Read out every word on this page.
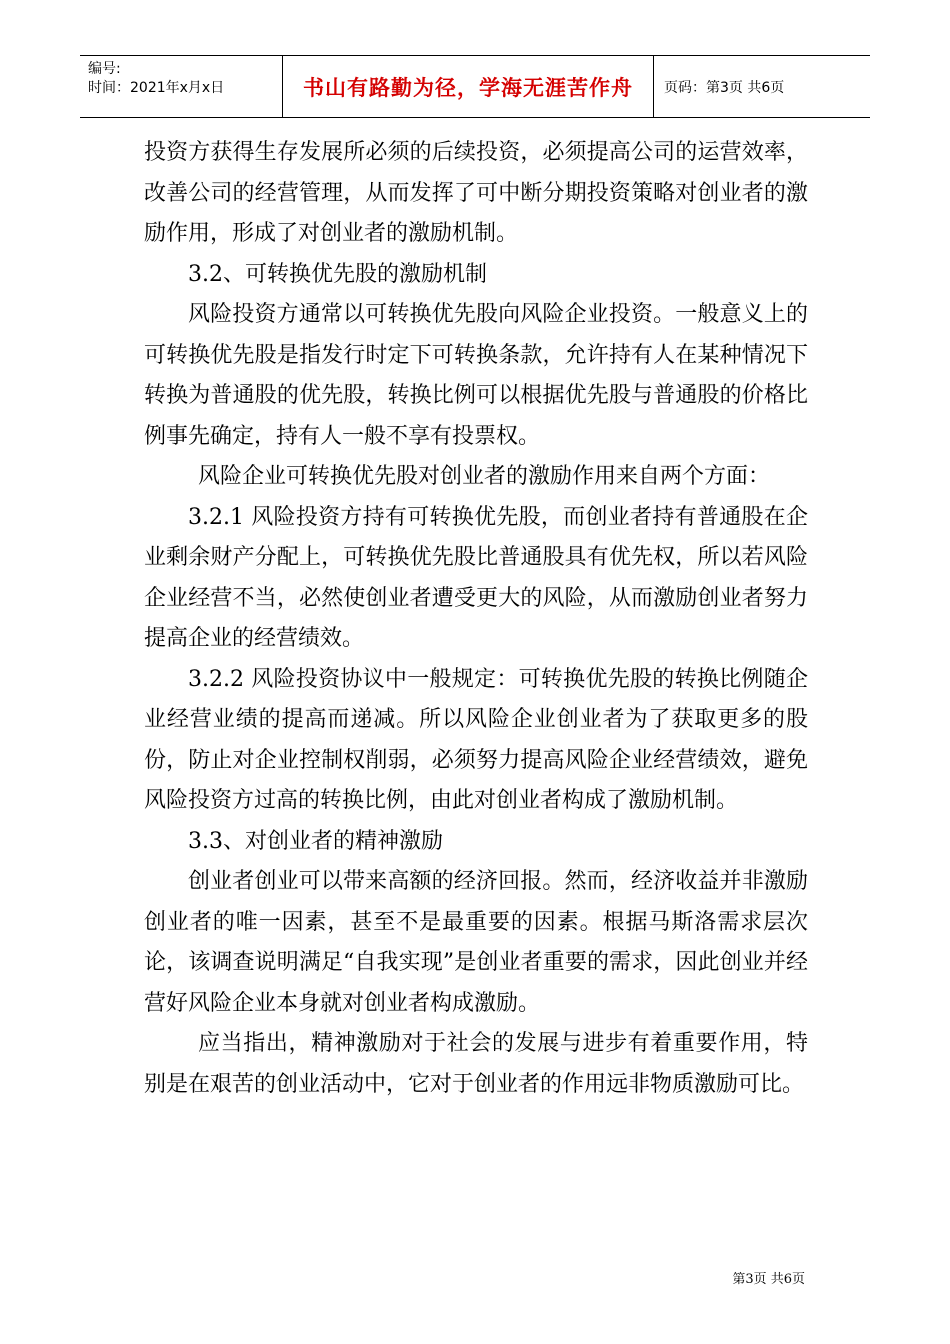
编号:
时间：2021年x月x日	书山有路勤为径，学海无涯苦作舟	页码：第3页 共6页

投资方获得生存发展所必须的后续投资，必须提高公司的运营效率，改善公司的经营管理，从而发挥了可中断分期投资策略对创业者的激励作用，形成了对创业者的激励机制。

3.2、可转换优先股的激励机制

风险投资方通常以可转换优先股向风险企业投资。一般意义上的可转换优先股是指发行时定下可转换条款，允许持有人在某种情况下转换为普通股的优先股，转换比例可以根据优先股与普通股的价格比例事先确定，持有人一般不享有投票权。

风险企业可转换优先股对创业者的激励作用来自两个方面：

3.2.1 风险投资方持有可转换优先股，而创业者持有普通股在企业剩余财产分配上，可转换优先股比普通股具有优先权，所以若风险企业经营不当，必然使创业者遭受更大的风险，从而激励创业者努力提高企业的经营绩效。

3.2.2 风险投资协议中一般规定：可转换优先股的转换比例随企业经营业绩的提高而递减。所以风险企业创业者为了获取更多的股份，防止对企业控制权削弱，必须努力提高风险企业经营绩效，避免风险投资方过高的转换比例，由此对创业者构成了激励机制。

3.3、对创业者的精神激励

创业者创业可以带来高额的经济回报。然而，经济收益并非激励创业者的唯一因素，甚至不是最重要的因素。根据马斯洛需求层次论，该调查说明满足“自我实现”是创业者重要的需求，因此创业并经营好风险企业本身就对创业者构成激励。

应当指出，精神激励对于社会的发展与进步有着重要作用，特别是在艰苦的创业活动中，它对于创业者的作用远非物质激励可比。

第3页 共6页
